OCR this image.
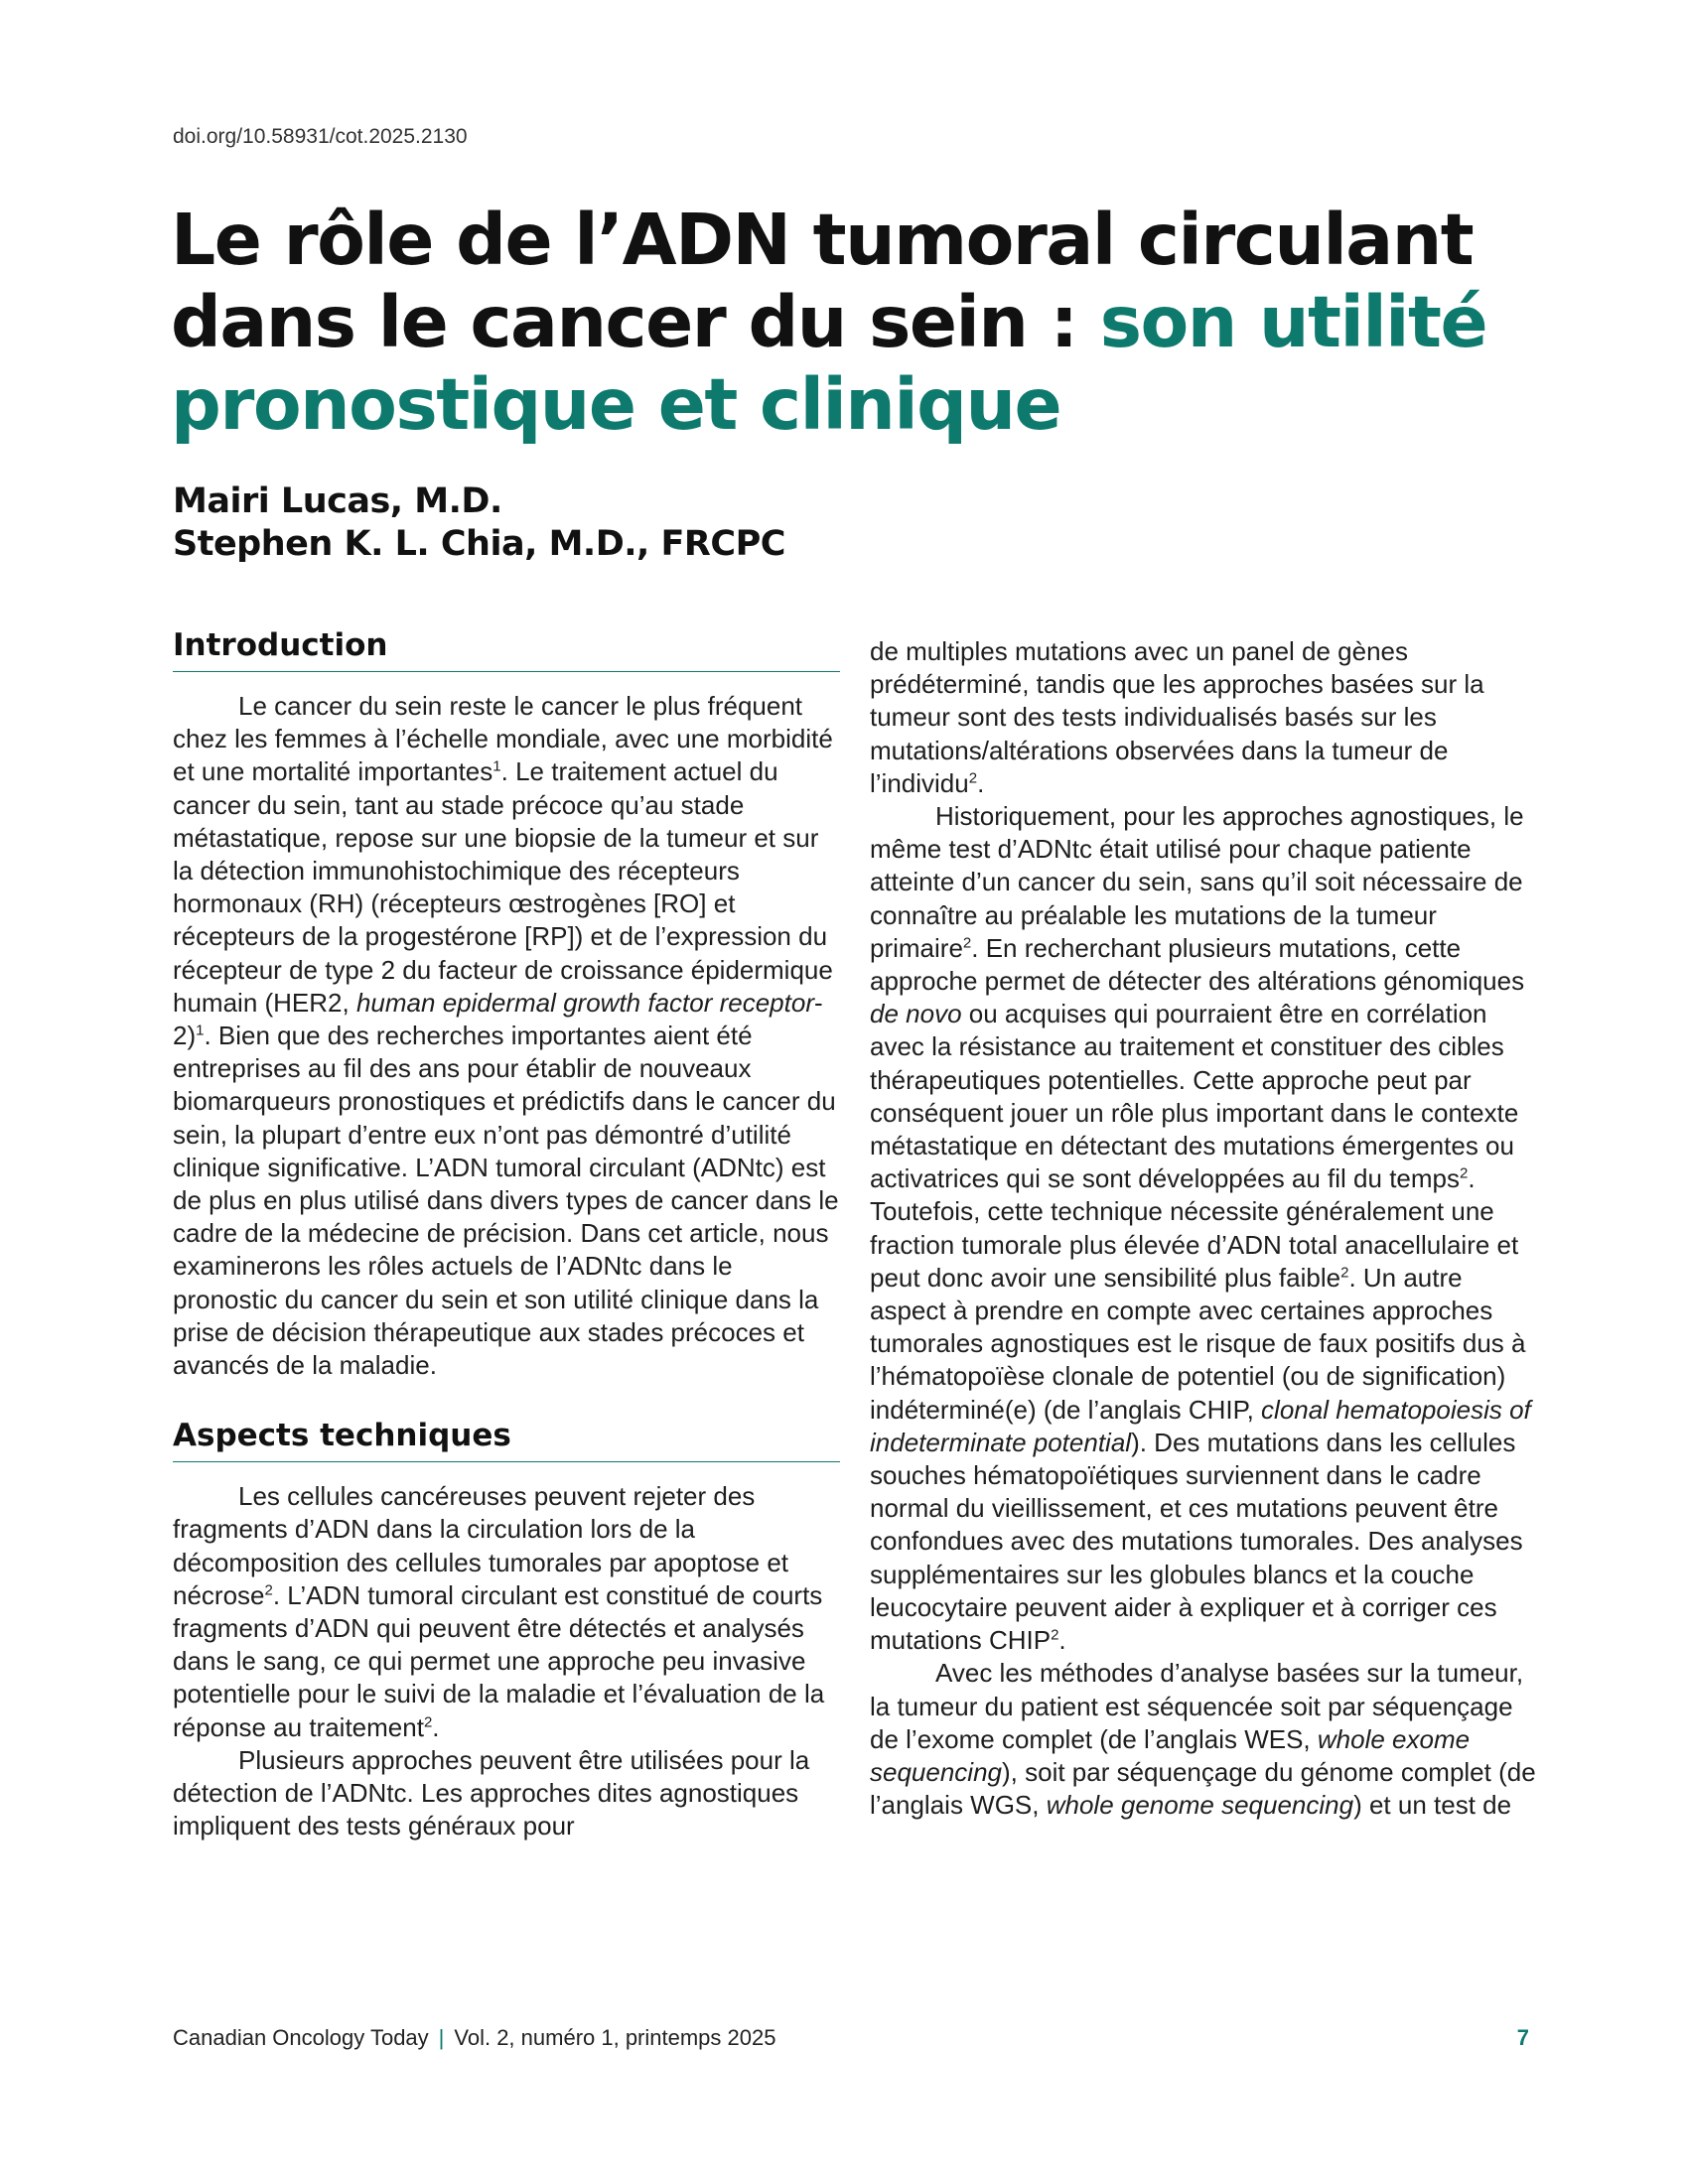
doi.org/10.58931/cot.2025.2130
Le rôle de l’ADN tumoral circulant
dans le cancer du sein : son utilité
pronostique et clinique
Mairi Lucas, M.D.
Stephen K. L. Chia, M.D., FRCPC
Introduction

Le cancer du sein reste le cancer le plus fréquent chez les femmes à l’échelle mondiale, avec une morbidité et une mortalité importantes$^1$. Le traitement actuel du cancer du sein, tant au stade précoce qu’au stade métastatique, repose sur une biopsie de la tumeur et sur la détection immunohistochimique des récepteurs hormonaux (RH) (récepteurs œstrogènes [RO] et récepteurs de la progestérone [RP]) et de l’expression du récepteur de type 2 du facteur de croissance épidermique humain (HER2, human epidermal growth factor receptor-2)$^1$. Bien que des recherches importantes aient été entreprises au fil des ans pour établir de nouveaux biomarqueurs pronostiques et prédictifs dans le cancer du sein, la plupart d’entre eux n’ont pas démontré d’utilité clinique significative. L’ADN tumoral circulant (ADNtc) est de plus en plus utilisé dans divers types de cancer dans le cadre de la médecine de précision. Dans cet article, nous examinerons les rôles actuels de l’ADNtc dans le pronostic du cancer du sein et son utilité clinique dans la prise de décision thérapeutique aux stades précoces et avancés de la maladie.

Aspects techniques

Les cellules cancéreuses peuvent rejeter des fragments d’ADN dans la circulation lors de la décomposition des cellules tumorales par apoptose et nécrose$^2$. L’ADN tumoral circulant est constitué de courts fragments d’ADN qui peuvent être détectés et analysés dans le sang, ce qui permet une approche peu invasive potentielle pour le suivi de la maladie et l’évaluation de la réponse au traitement$^2$.

Plusieurs approches peuvent être utilisées pour la détection de l’ADNtc. Les approches dites agnostiques impliquent des tests généraux pour

de multiples mutations avec un panel de gènes prédéterminé, tandis que les approches basées sur la tumeur sont des tests individualisés basés sur les mutations/altérations observées dans la tumeur de l’individu$^2$.

Historiquement, pour les approches agnostiques, le même test d’ADNtc était utilisé pour chaque patiente atteinte d’un cancer du sein, sans qu’il soit nécessaire de connaître au préalable les mutations de la tumeur primaire$^2$. En recherchant plusieurs mutations, cette approche permet de détecter des altérations génomiques de novo ou acquises qui pourraient être en corrélation avec la résistance au traitement et constituer des cibles thérapeutiques potentielles. Cette approche peut par conséquent jouer un rôle plus important dans le contexte métastatique en détectant des mutations émergentes ou activatrices qui se sont développées au fil du temps$^2$. Toutefois, cette technique nécessite généralement une fraction tumorale plus élevée d’ADN total anacellulaire et peut donc avoir une sensibilité plus faible$^2$. Un autre aspect à prendre en compte avec certaines approches tumorales agnostiques est le risque de faux positifs dus à l’hématopoïèse clonale de potentiel (ou de signification) indéterminé(e) (de l’anglais CHIP, clonal hematopoiesis of indeterminate potential). Des mutations dans les cellules souches hématopoïétiques surviennent dans le cadre normal du vieillissement, et ces mutations peuvent être confondues avec des mutations tumorales. Des analyses supplémentaires sur les globules blancs et la couche leucocytaire peuvent aider à expliquer et à corriger ces mutations CHIP$^2$.

Avec les méthodes d’analyse basées sur la tumeur, la tumeur du patient est séquencée soit par séquençage de l’exome complet (de l’anglais WES, whole exome sequencing), soit par séquençage du génome complet (de l’anglais WGS, whole genome sequencing) et un test de

Canadian Oncology Today | Vol. 2, numéro 1, printemps 2025	7
